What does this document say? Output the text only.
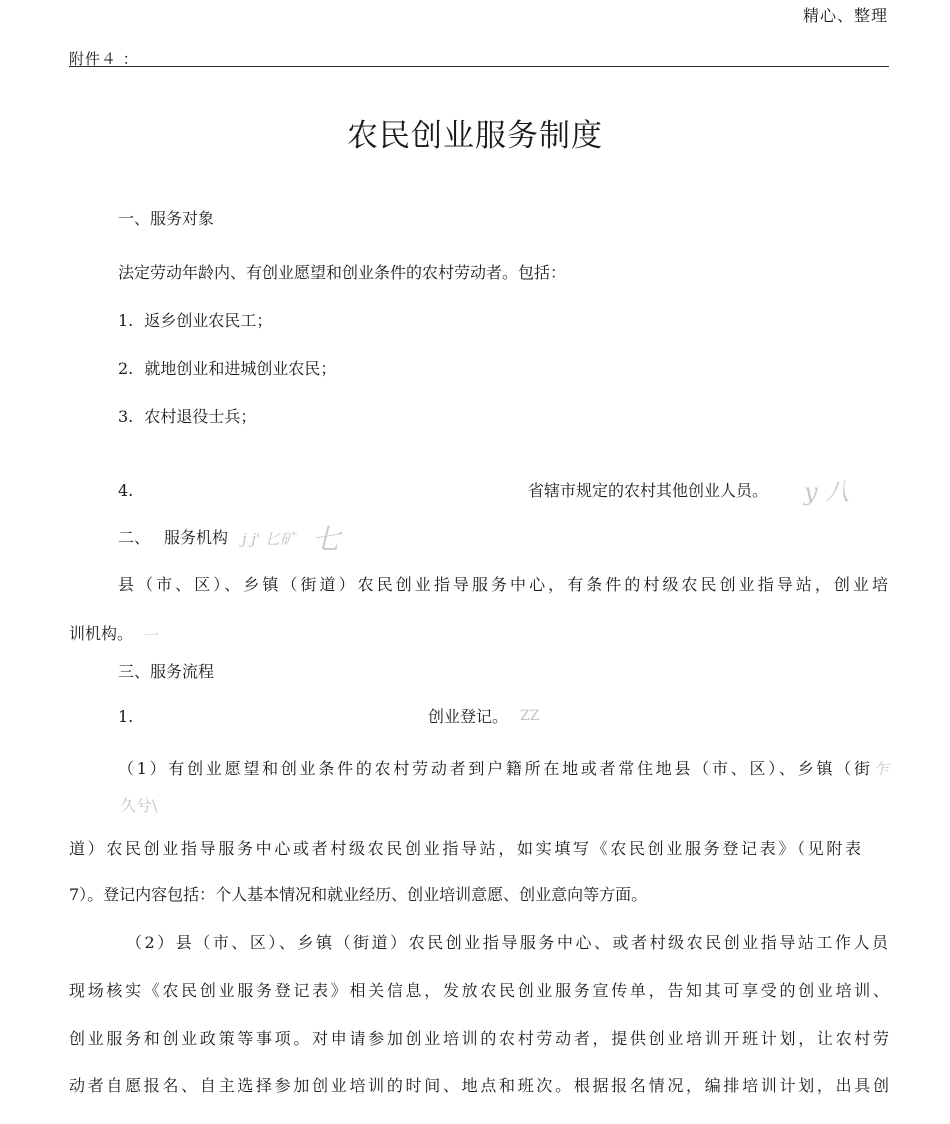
精心、整理
附件４ ：
农民创业服务制度
一、服务对象
法定劳动年龄内、有创业愿望和创业条件的农村劳动者。包括：
1. 返乡创业农民工；
2. 就地创业和进城创业农民；
3. 农村退役士兵；
4.	省辖市规定的农村其他创业人员。 y 八
二、 服务机构 j j' 匕矿 七
县（市、区）、乡镇（街道）农民创业指导服务中心，有条件的村级农民创业指导站，创业培
训机构。 一
三、服务流程
1.	创业登记。 ZZ
（1）有创业愿望和创业条件的农村劳动者到户籍所在地或者常住地县（市、区）、乡镇（街 乍
久兮\
道）农民创业指导服务中心或者村级农民创业指导站，如实填写《农民创业服务登记表》（见附表
7）。登记内容包括：个人基本情况和就业经历、创业培训意愿、创业意向等方面。
（2）县（市、区）、乡镇（街道）农民创业指导服务中心、或者村级农民创业指导站工作人员
现场核实《农民创业服务登记表》相关信息，发放农民创业服务宣传单，告知其可享受的创业培训、
创业服务和创业政策等事项。对申请参加创业培训的农村劳动者，提供创业培训开班计划，让农村劳
动者自愿报名、自主选择参加创业培训的时间、地点和班次。根据报名情况，编排培训计划，出具创
